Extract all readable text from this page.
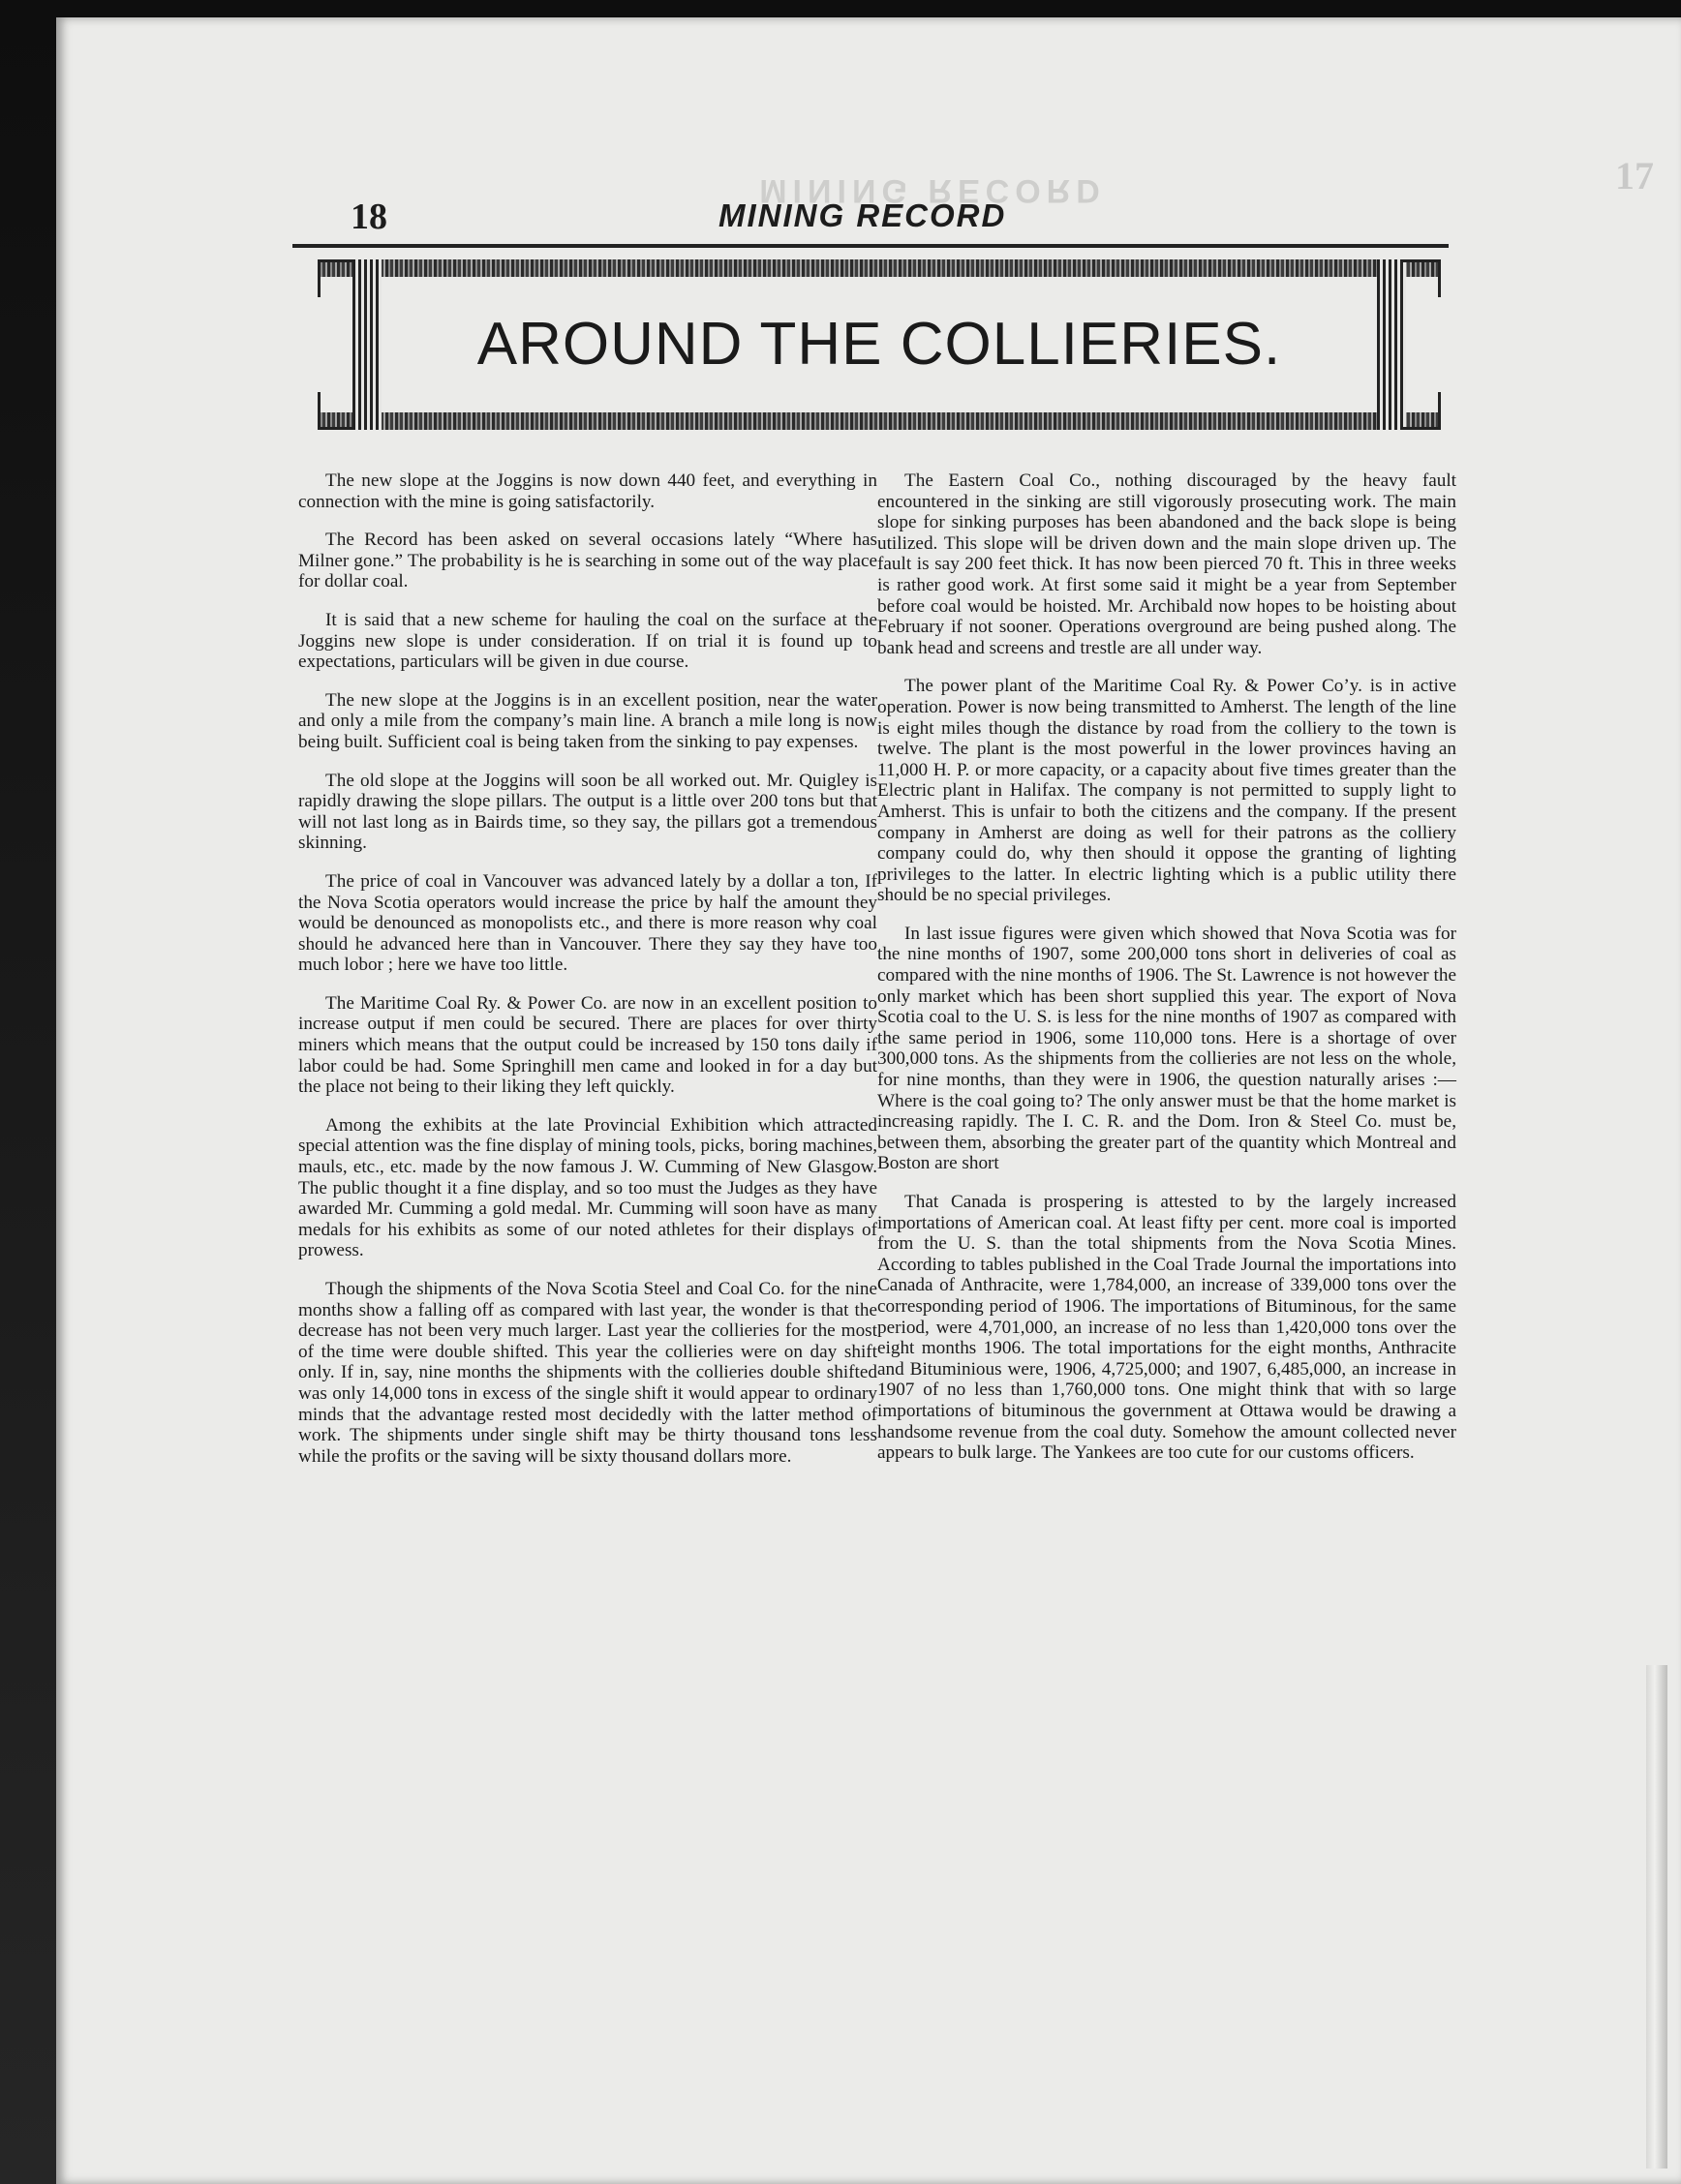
MINING RECORD	17
18	MINING RECORD
AROUND THE COLLIERIES.

The new slope at the Joggins is now down 440 feet, and everything in connection with the mine is going satisfactorily.

The Record has been asked on several occasions lately “Where has Milner gone.” The probability is he is searching in some out of the way place for dollar coal.

It is said that a new scheme for hauling the coal on the surface at the Joggins new slope is under consideration. If on trial it is found up to expectations, particulars will be given in due course.

The new slope at the Joggins is in an excellent position, near the water and only a mile from the company’s main line. A branch a mile long is now being built. Sufficient coal is being taken from the sinking to pay expenses.

The old slope at the Joggins will soon be all worked out. Mr. Quigley is rapidly drawing the slope pillars. The output is a little over 200 tons but that will not last long as in Bairds time, so they say, the pillars got a tremendous skinning.

The price of coal in Vancouver was advanced lately by a dollar a ton, If the Nova Scotia operators would increase the price by half the amount they would be denounced as monopolists etc., and there is more reason why coal should he advanced here than in Vancouver. There they say they have too much lobor ; here we have too little.

The Maritime Coal Ry. & Power Co. are now in an excellent position to increase output if men could be secured. There are places for over thirty miners which means that the output could be increased by 150 tons daily if labor could be had. Some Springhill men came and looked in for a day but the place not being to their liking they left quickly.

Among the exhibits at the late Provincial Exhibition which attracted special attention was the fine display of mining tools, picks, boring machines, mauls, etc., etc. made by the now famous J. W. Cumming of New Glasgow. The public thought it a fine display, and so too must the Judges as they have awarded Mr. Cumming a gold medal. Mr. Cumming will soon have as many medals for his exhibits as some of our noted athletes for their displays of prowess.

Though the shipments of the Nova Scotia Steel and Coal Co. for the nine months show a falling off as compared with last year, the wonder is that the decrease has not been very much larger. Last year the collieries for the most of the time were double shifted. This year the collieries were on day shift only. If in, say, nine months the shipments with the collieries double shifted was only 14,000 tons in excess of the single shift it would appear to ordinary minds that the advantage rested most decidedly with the latter method of work. The shipments under single shift may be thirty thousand tons less while the profits or the saving will be sixty thousand dollars more.

The Eastern Coal Co., nothing discouraged by the heavy fault encountered in the sinking are still vigorously prosecuting work. The main slope for sinking purposes has been abandoned and the back slope is being utilized. This slope will be driven down and the main slope driven up. The fault is say 200 feet thick. It has now been pierced 70 ft. This in three weeks is rather good work. At first some said it might be a year from September before coal would be hoisted. Mr. Archibald now hopes to be hoisting about February if not sooner. Operations overground are being pushed along. The bank head and screens and trestle are all under way.

The power plant of the Maritime Coal Ry. & Power Co’y. is in active operation. Power is now being transmitted to Amherst. The length of the line is eight miles though the distance by road from the colliery to the town is twelve. The plant is the most powerful in the lower provinces having an 11,000 H. P. or more capacity, or a capacity about five times greater than the Electric plant in Halifax. The company is not permitted to supply light to Amherst. This is unfair to both the citizens and the company. If the present company in Amherst are doing as well for their patrons as the colliery company could do, why then should it oppose the granting of lighting privileges to the latter. In electric lighting which is a public utility there should be no special privileges.

In last issue figures were given which showed that Nova Scotia was for the nine months of 1907, some 200,000 tons short in deliveries of coal as compared with the nine months of 1906. The St. Lawrence is not however the only market which has been short supplied this year. The export of Nova Scotia coal to the U. S. is less for the nine months of 1907 as compared with the same period in 1906, some 110,000 tons. Here is a shortage of over 300,000 tons. As the shipments from the collieries are not less on the whole, for nine months, than they were in 1906, the question naturally arises :— Where is the coal going to? The only answer must be that the home market is increasing rapidly. The I. C. R. and the Dom. Iron & Steel Co. must be, between them, absorbing the greater part of the quantity which Montreal and Boston are short

That Canada is prospering is attested to by the largely increased importations of American coal. At least fifty per cent. more coal is imported from the U. S. than the total shipments from the Nova Scotia Mines. According to tables published in the Coal Trade Journal the importations into Canada of Anthracite, were 1,784,000, an increase of 339,000 tons over the corresponding period of 1906. The importations of Bituminous, for the same period, were 4,701,000, an increase of no less than 1,420,000 tons over the eight months 1906. The total importations for the eight months, Anthracite and Bituminious were, 1906, 4,725,000; and 1907, 6,485,000, an increase in 1907 of no less than 1,760,000 tons. One might think that with so large importations of bituminous the government at Ottawa would be drawing a handsome revenue from the coal duty. Somehow the amount collected never appears to bulk large. The Yankees are too cute for our customs officers.
